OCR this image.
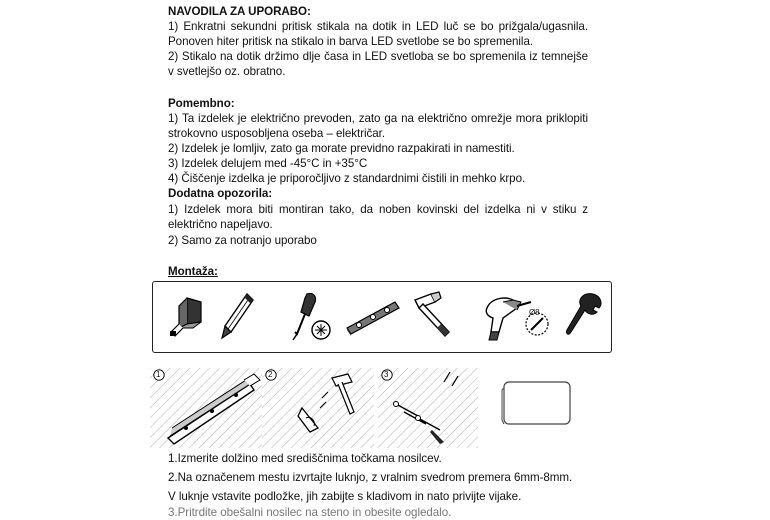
NAVODILA ZA UPORABO:
1) Enkratni sekundni pritisk stikala na dotik in LED luč se bo prižgala/ugasnila. Ponoven hiter pritisk na stikalo in barva LED svetlobe se bo spremenila.
2) Stikalo na dotik držimo dlje časa in LED svetloba se bo spremenila iz temnejše v svetlejšo oz. obratno.
Pomembno:
1) Ta izdelek je električno prevoden, zato ga na električno omrežje mora priklopiti strokovno usposobljena oseba – električar.
2) Izdelek je lomljiv, zato ga morate previdno razpakirati in namestiti.
3) Izdelek delujem med -45°C in +35°C
4) Čiščenje izdelka je priporočljivo z standardnimi čistili in mehko krpo.
Dodatna opozorila:
1) Izdelek mora biti montiran tako, da noben kovinski del izdelka ni v stiku z električno napeljavo.
2) Samo za notranjo uporabo
Montaža:
Ø8
1	2	3
1.Izmerite dolžino med središčnima točkama nosilcev.
2.Na označenem mestu izvrtajte luknjo, z vralnim svedrom premera 6mm-8mm.
V luknje vstavite podložke, jih zabijte s kladivom in nato privijte vijake.
3.Pritrdite obešalni nosilec na steno in obesite ogledalo.
